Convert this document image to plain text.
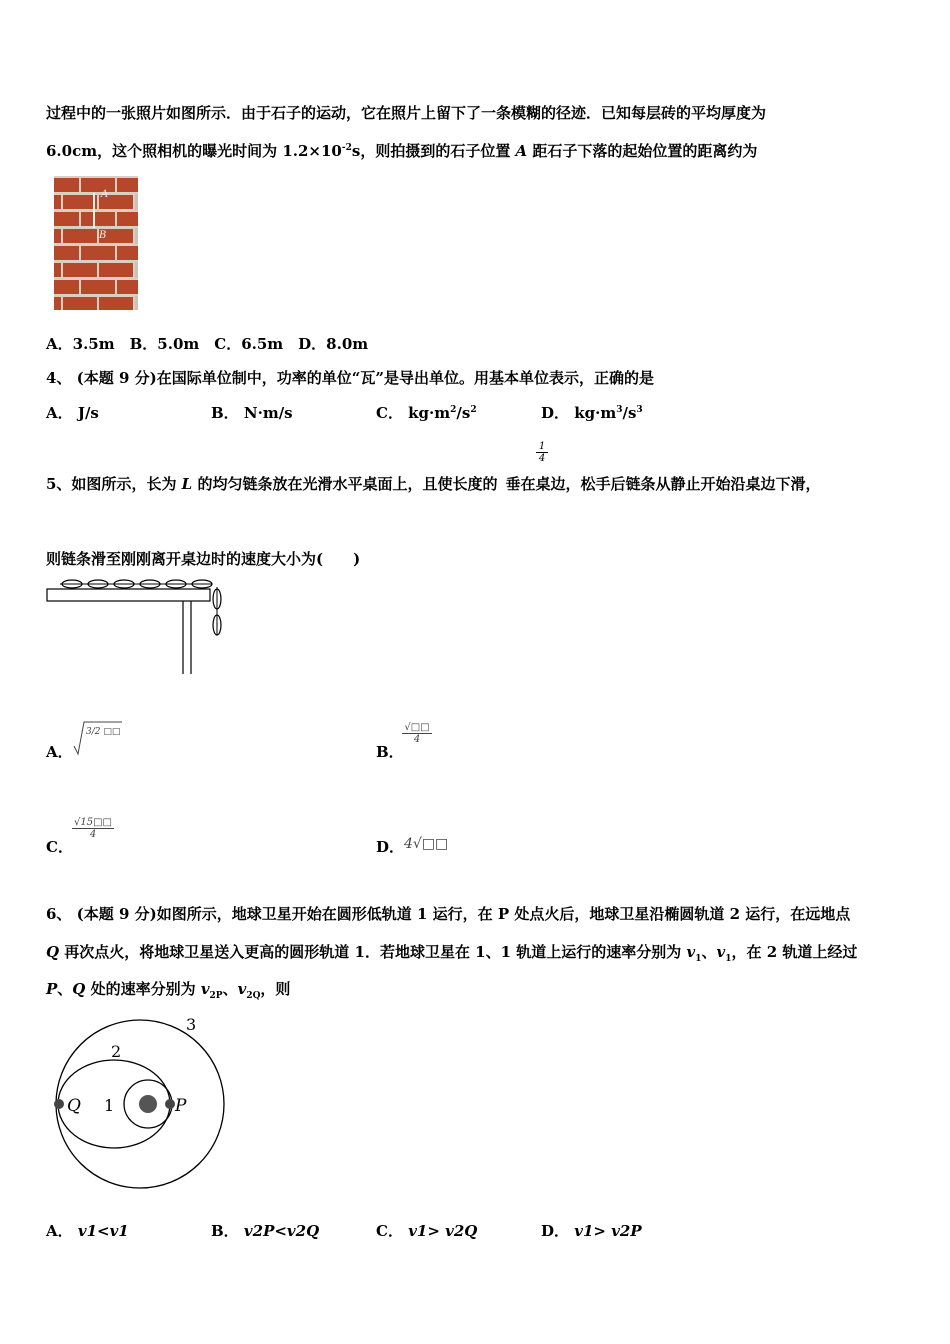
过程中的一张照片如图所示．由于石子的运动，它在照片上留下了一条模糊的径迹．已知每层砖的平均厚度为
6.0cm，这个照相机的曝光时间为 $1.2\times 10^{-2}s$，则拍摄到的石子位置 A 距石子下落的起始位置的距离约为
A
B
A．3.5m　B．5.0m　C．6.5m　D．8.0m
4、 (本题 9 分)在国际单位制中，功率的单位“瓦”是导出单位。用基本单位表示，正确的是
A． J/s	B． N·m/s	C． $kg\cdot m^2/s^2$	D． $kg\cdot m^3/s^3$
$\frac{1}{4}$
5、如图所示，长为 L 的均匀链条放在光滑水平桌面上，且使长度的 垂在桌边，松手后链条从静止开始沿桌边下滑，
则链条滑至刚刚离开桌边时的速度大小为(　　)
A．
3/2 □□
B．
√□□
4
C．
$\frac{√15□□}{4}$
D． 4√□□
6、 (本题 9 分)如图所示，地球卫星开始在圆形低轨道 1 运行，在 P 处点火后，地球卫星沿椭圆轨道 2 运行，在远地点
Q 再次点火，将地球卫星送入更高的圆形轨道 1．若地球卫星在 1、1 轨道上运行的速率分别为 $v_1$、$v_1$，在 2 轨道上经过
P、Q 处的速率分别为 $v_{2P}$、$v_{2Q}$，则
1
2
3
Q	P
A． v1<v1	B． v2P<v2Q	C． v1> v2Q	D． v1> v2P
